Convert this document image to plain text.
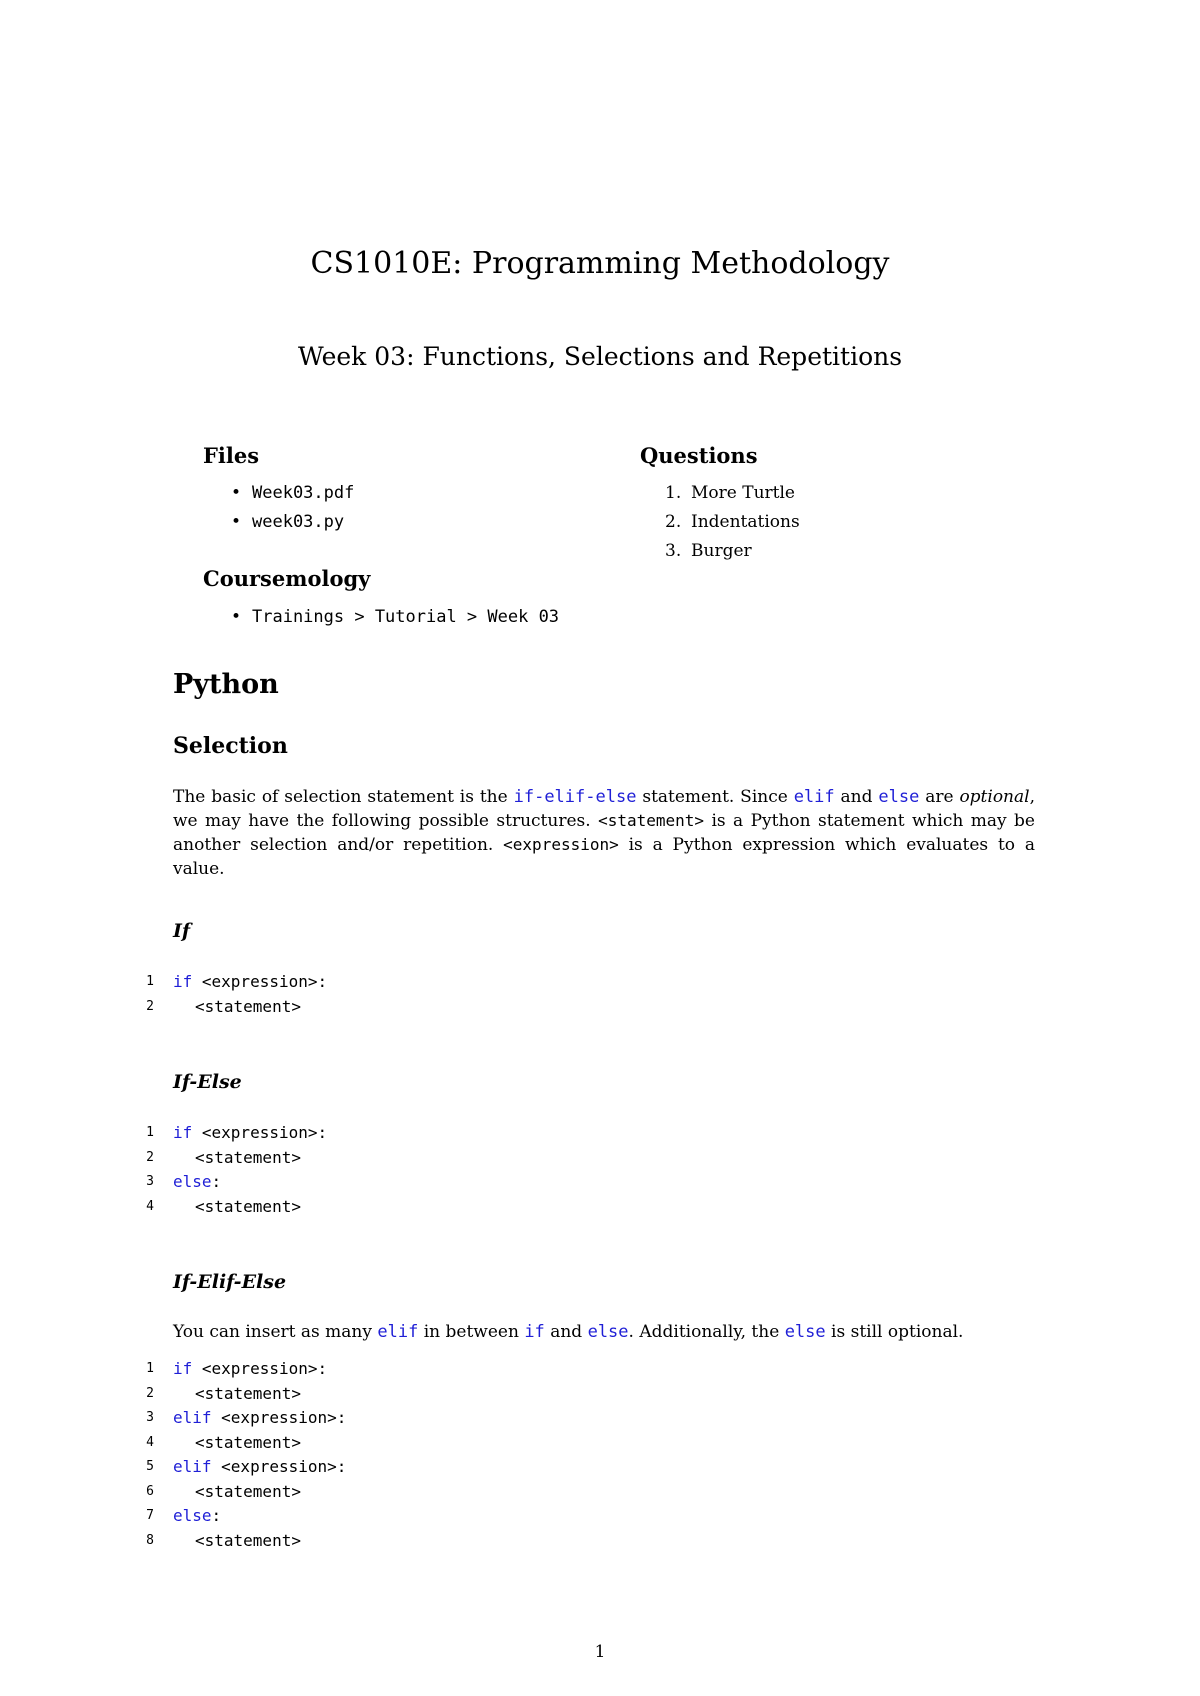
CS1010E: Programming Methodology
Week 03: Functions, Selections and Repetitions
Files
• Week03.pdf
• week03.py
Questions
1. More Turtle
2. Indentations
3. Burger
Coursemology
• Trainings > Tutorial > Week 03
Python
Selection
The basic of selection statement is the if-elif-else statement. Since elif and else are optional,
we may have the following possible structures. <statement> is a Python statement which may be
another selection and/or repetition. <expression> is a Python expression which evaluates to a
value.
If
1 if <expression>:
2	<statement>
If-Else
1 if <expression>:
2	<statement>
3 else:
4	<statement>
If-Elif-Else
You can insert as many elif in between if and else. Additionally, the else is still optional.
1 if <expression>:
2	<statement>
3 elif <expression>:
4	<statement>
5 elif <expression>:
6	<statement>
7 else:
8	<statement>
1
